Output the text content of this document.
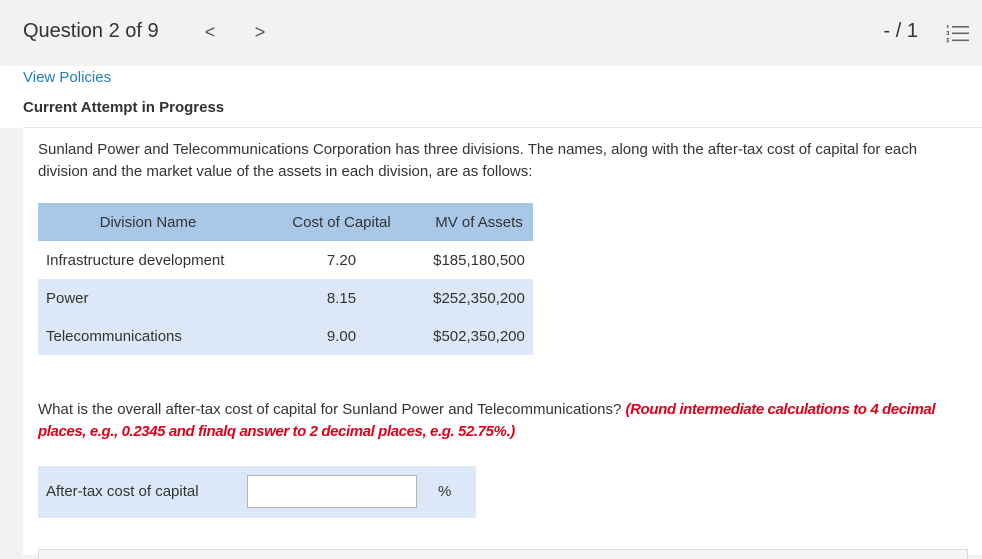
Question 2 of 9	< >	- / 1
View Policies
Current Attempt in Progress

Sunland Power and Telecommunications Corporation has three divisions. The names, along with the after-tax cost of capital for each division and the market value of the assets in each division, are as follows:

Division Name	Cost of Capital	MV of Assets
Infrastructure development	7.20	$185,180,500
Power	8.15	$252,350,200
Telecommunications	9.00	$502,350,200

What is the overall after-tax cost of capital for Sunland Power and Telecommunications? (Round intermediate calculations to 4 decimal places, e.g., 0.2345 and finalq answer to 2 decimal places, e.g. 52.75%.)

After-tax cost of capital	%
